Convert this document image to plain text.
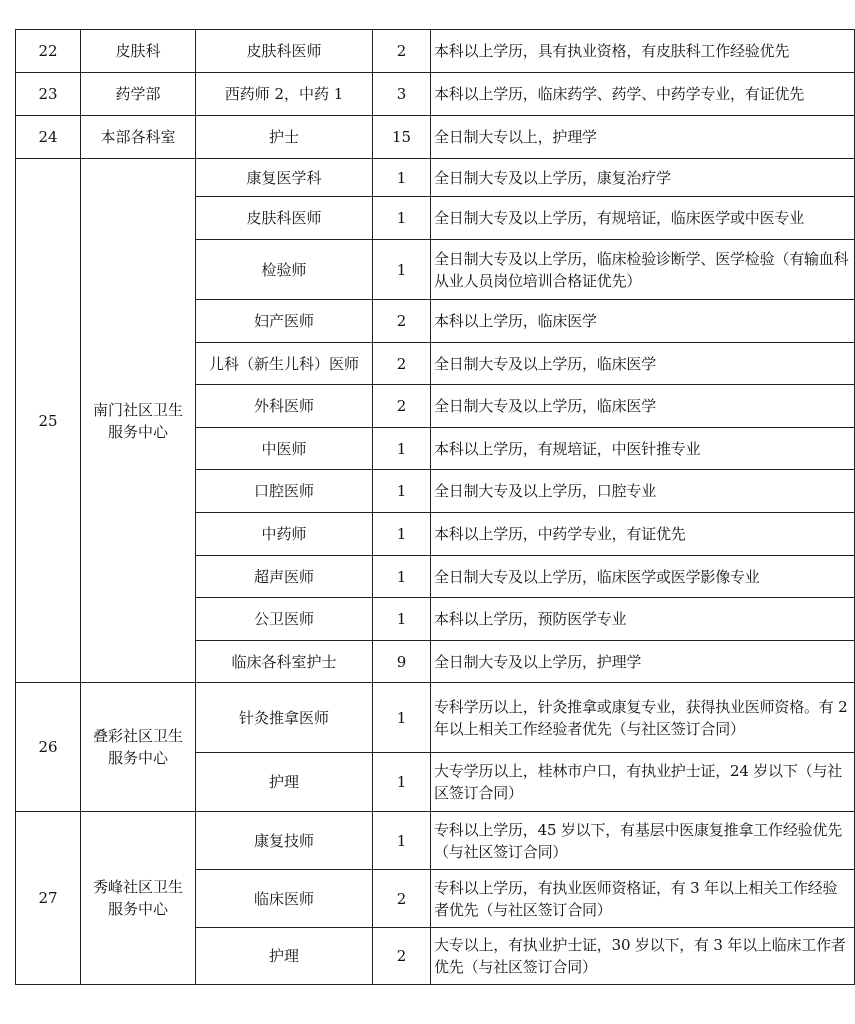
22	皮肤科	皮肤科医师	2	本科以上学历，具有执业资格，有皮肤科工作经验优先
23	药学部	西药师 2，中药 1	3	本科以上学历，临床药学、药学、中药学专业，有证优先
24	本部各科室	护士	15	全日制大专以上，护理学
25	南门社区卫生服务中心	康复医学科	1	全日制大专及以上学历，康复治疗学
		皮肤科医师	1	全日制大专及以上学历，有规培证，临床医学或中医专业
		检验师	1	全日制大专及以上学历，临床检验诊断学、医学检验（有输血科从业人员岗位培训合格证优先）
		妇产医师	2	本科以上学历，临床医学
		儿科（新生儿科）医师	2	全日制大专及以上学历，临床医学
		外科医师	2	全日制大专及以上学历，临床医学
		中医师	1	本科以上学历，有规培证，中医针推专业
		口腔医师	1	全日制大专及以上学历，口腔专业
		中药师	1	本科以上学历，中药学专业，有证优先
		超声医师	1	全日制大专及以上学历，临床医学或医学影像专业
		公卫医师	1	本科以上学历，预防医学专业
		临床各科室护士	9	全日制大专及以上学历，护理学
26	叠彩社区卫生服务中心	针灸推拿医师	1	专科学历以上，针灸推拿或康复专业，获得执业医师资格。有 2 年以上相关工作经验者优先（与社区签订合同）
		护理	1	大专学历以上，桂林市户口，有执业护士证，24 岁以下（与社区签订合同）
27	秀峰社区卫生服务中心	康复技师	1	专科以上学历，45 岁以下，有基层中医康复推拿工作经验优先（与社区签订合同）
		临床医师	2	专科以上学历，有执业医师资格证，有 3 年以上相关工作经验者优先（与社区签订合同）
		护理	2	大专以上，有执业护士证，30 岁以下，有 3 年以上临床工作者优先（与社区签订合同）
